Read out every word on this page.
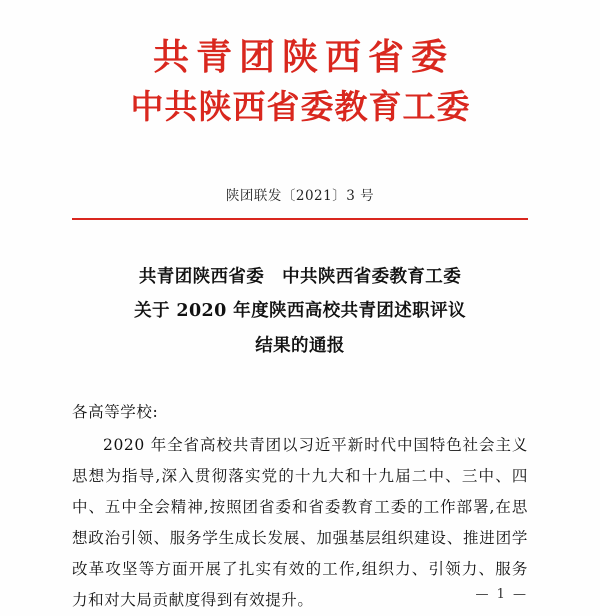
共青团陕西省委
中共陕西省委教育工委
陕团联发〔2021〕3 号
共青团陕西省委　中共陕西省委教育工委
关于 2020 年度陕西高校共青团述职评议
结果的通报

各高等学校:

2020 年全省高校共青团以习近平新时代中国特色社会主义思想为指导,深入贯彻落实党的十九大和十九届二中、三中、四中、五中全会精神,按照团省委和省委教育工委的工作部署,在思想政治引领、服务学生成长发展、加强基层组织建设、推进团学改革攻坚等方面开展了扎实有效的工作,组织力、引领力、服务力和对大局贡献度得到有效提升。	— 1 —
